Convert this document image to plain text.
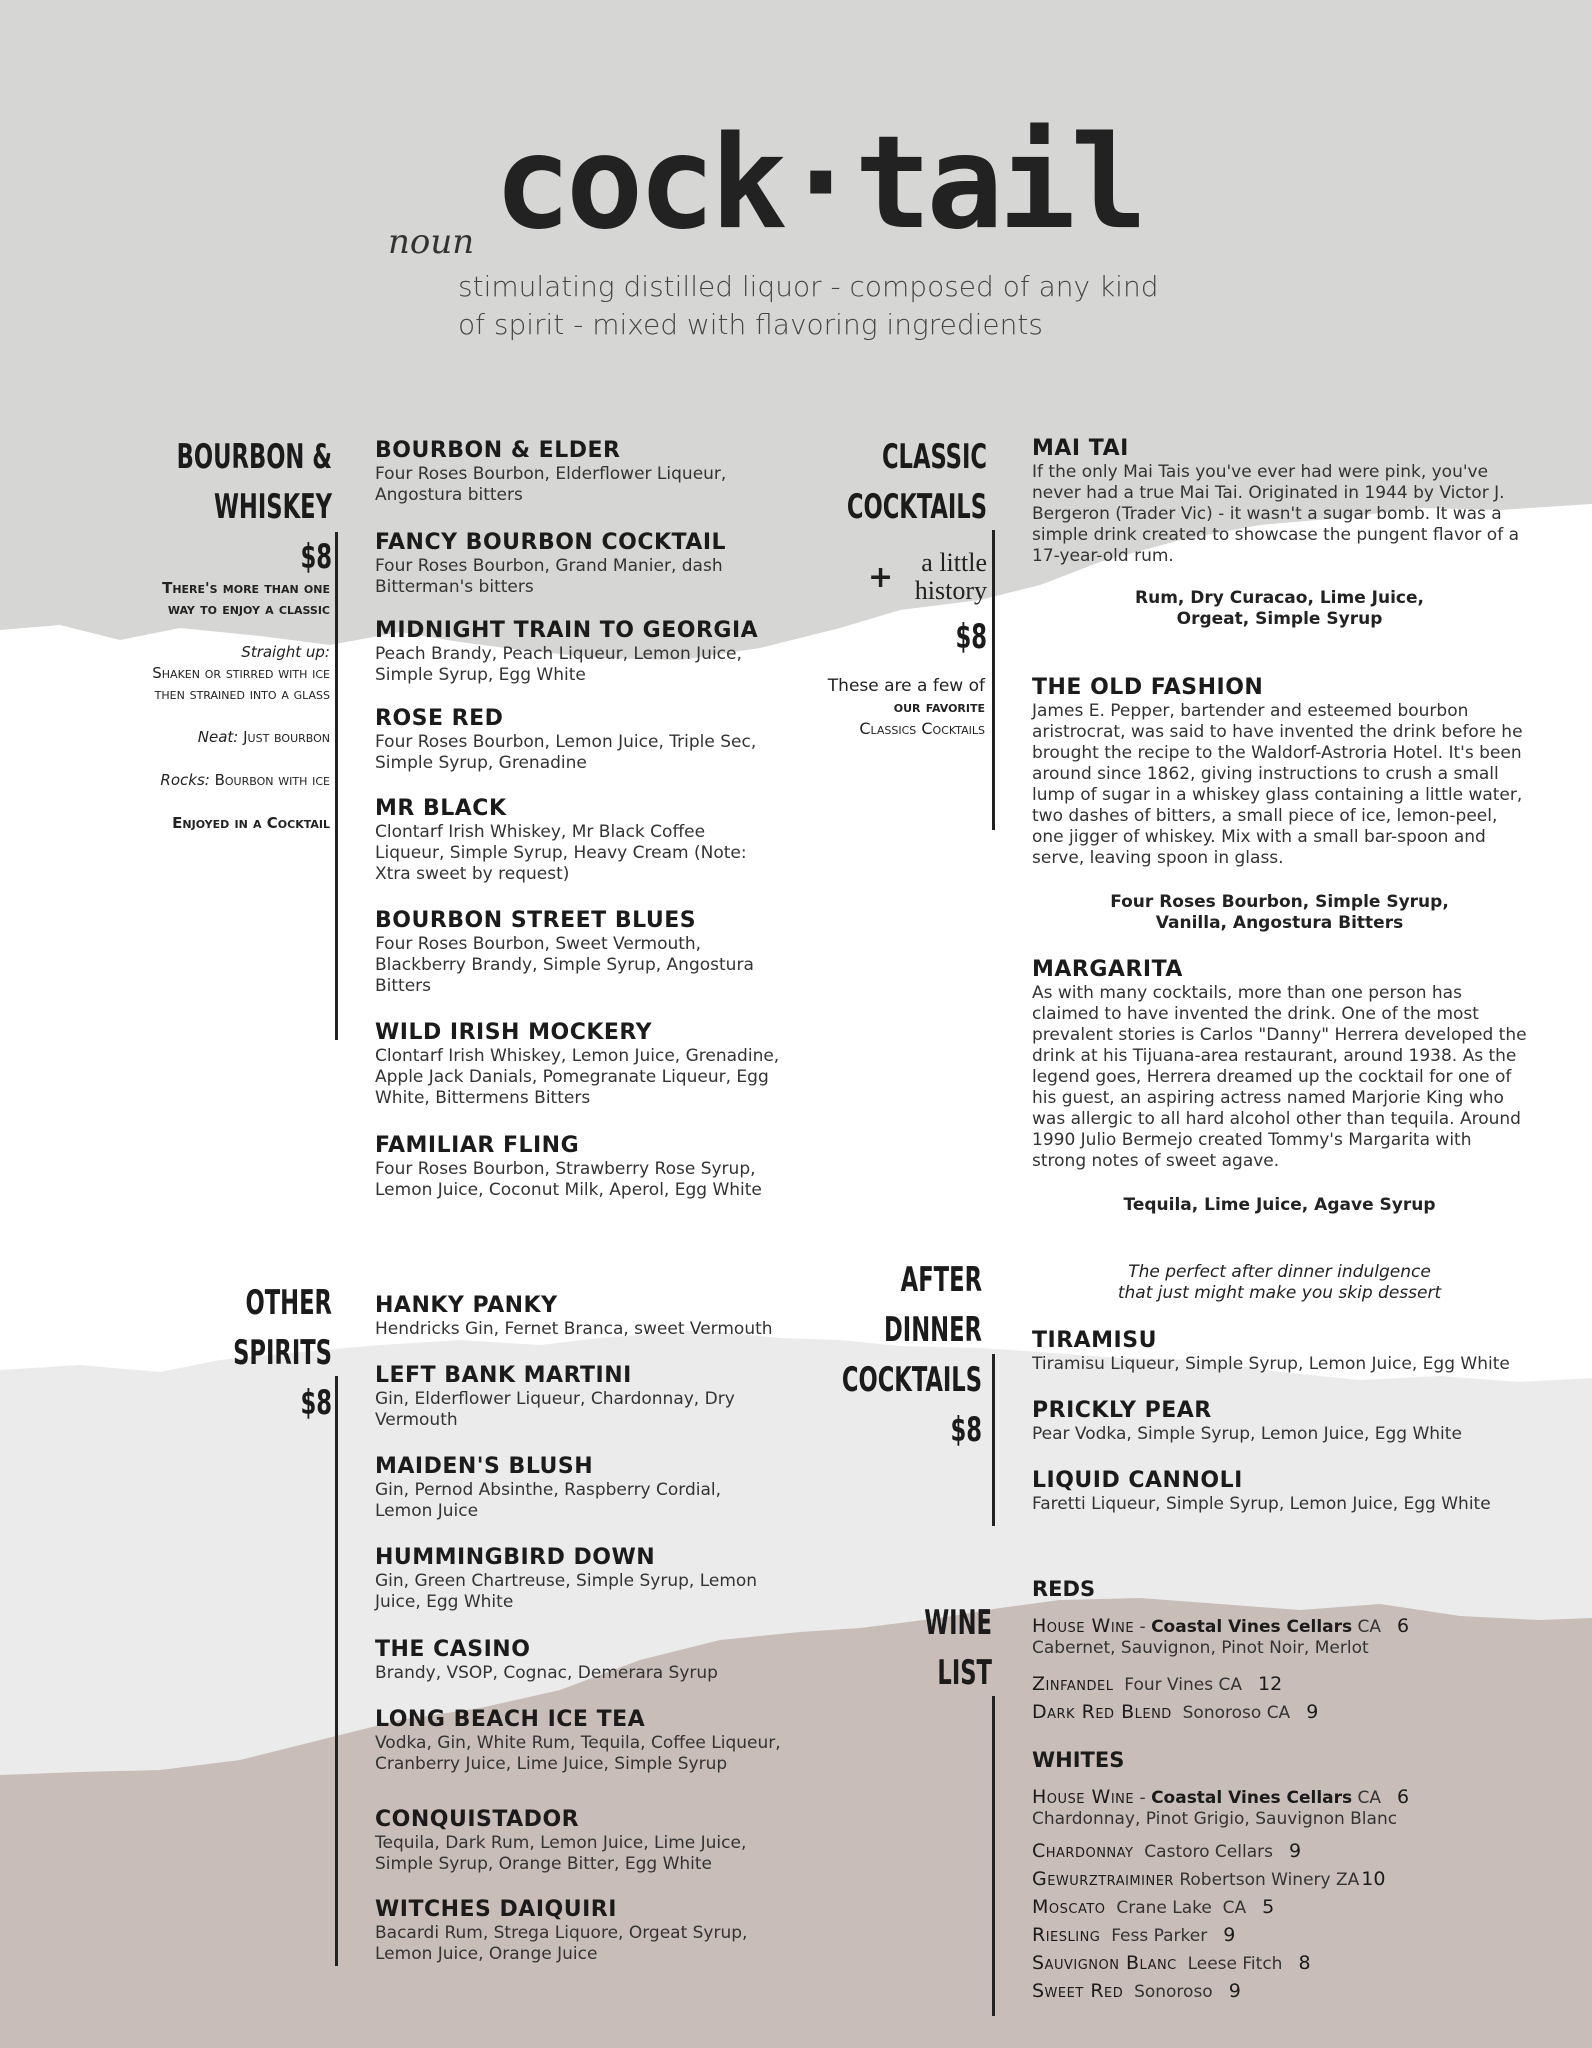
noun cock·tail
stimulating distilled liquor - composed of any kind
of spirit - mixed with flavoring ingredients
BOURBON &
WHISKEY
$8

There's more than one way to enjoy a classic

Straight up:
Shaken or stirred with ice then strained into a glass

Neat: Just bourbon

Rocks: Bourbon with ice

Enjoyed in a Cocktail

BOURBON & ELDER
Four Roses Bourbon, Elderflower Liqueur, Angostura bitters
FANCY BOURBON COCKTAIL
Four Roses Bourbon, Grand Manier, dash Bitterman's bitters
MIDNIGHT TRAIN TO GEORGIA
Peach Brandy, Peach Liqueur, Lemon Juice, Simple Syrup, Egg White
ROSE RED
Four Roses Bourbon, Lemon Juice, Triple Sec, Simple Syrup, Grenadine
MR BLACK
Clontarf Irish Whiskey, Mr Black Coffee Liqueur, Simple Syrup, Heavy Cream (Note: Xtra sweet by request)
BOURBON STREET BLUES
Four Roses Bourbon, Sweet Vermouth, Blackberry Brandy, Simple Syrup, Angostura Bitters
WILD IRISH MOCKERY
Clontarf Irish Whiskey, Lemon Juice, Grenadine, Apple Jack Danials, Pomegranate Liqueur, Egg White, Bittermens Bitters
FAMILIAR FLING
Four Roses Bourbon, Strawberry Rose Syrup, Lemon Juice, Coconut Milk, Aperol, Egg White
CLASSIC
COCKTAILS
+	a little
history
$8
These are a few of
our favorite
Classics Cocktails
MAI TAI
If the only Mai Tais you've ever had were pink, you've never had a true Mai Tai. Originated in 1944 by Victor J. Bergeron (Trader Vic) - it wasn't a sugar bomb. It was a simple drink created to showcase the pungent flavor of a 17-year-old rum.
Rum, Dry Curacao, Lime Juice,
Orgeat, Simple Syrup
THE OLD FASHION
James E. Pepper, bartender and esteemed bourbon aristrocrat, was said to have invented the drink before he brought the recipe to the Waldorf-Astroria Hotel. It's been around since 1862, giving instructions to crush a small lump of sugar in a whiskey glass containing a little water, two dashes of bitters, a small piece of ice, lemon-peel, one jigger of whiskey. Mix with a small bar-spoon and serve, leaving spoon in glass.
Four Roses Bourbon, Simple Syrup,
Vanilla, Angostura Bitters
MARGARITA
As with many cocktails, more than one person has claimed to have invented the drink. One of the most prevalent stories is Carlos "Danny" Herrera developed the drink at his Tijuana-area restaurant, around 1938. As the legend goes, Herrera dreamed up the cocktail for one of his guest, an aspiring actress named Marjorie King who was allergic to all hard alcohol other than tequila. Around 1990 Julio Bermejo created Tommy's Margarita with strong notes of sweet agave.
Tequila, Lime Juice, Agave Syrup
OTHER
SPIRITS
$8
HANKY PANKY
Hendricks Gin, Fernet Branca, sweet Vermouth
LEFT BANK MARTINI
Gin, Elderflower Liqueur, Chardonnay, Dry Vermouth
MAIDEN'S BLUSH
Gin, Pernod Absinthe, Raspberry Cordial, Lemon Juice
HUMMINGBIRD DOWN
Gin, Green Chartreuse, Simple Syrup, Lemon Juice, Egg White
THE CASINO
Brandy, VSOP, Cognac, Demerara Syrup
LONG BEACH ICE TEA
Vodka, Gin, White Rum, Tequila, Coffee Liqueur, Cranberry Juice, Lime Juice, Simple Syrup
CONQUISTADOR
Tequila, Dark Rum, Lemon Juice, Lime Juice, Simple Syrup, Orange Bitter, Egg White
WITCHES DAIQUIRI
Bacardi Rum, Strega Liquore, Orgeat Syrup, Lemon Juice, Orange Juice
AFTER
DINNER
COCKTAILS
$8
The perfect after dinner indulgence
that just might make you skip dessert
TIRAMISU
Tiramisu Liqueur, Simple Syrup, Lemon Juice, Egg White
PRICKLY PEAR
Pear Vodka, Simple Syrup, Lemon Juice, Egg White
LIQUID CANNOLI
Faretti Liqueur, Simple Syrup, Lemon Juice, Egg White
WINE
LIST
REDS
House Wine - Coastal Vines Cellars CA 6
Cabernet, Sauvignon, Pinot Noir, Merlot
Zinfandel Four Vines CA 12
Dark Red Blend Sonoroso CA 9
WHITES
House Wine - Coastal Vines Cellars CA 6
Chardonnay, Pinot Grigio, Sauvignon Blanc
Chardonnay Castoro Cellars 9
Gewurztraiminer Robertson Winery ZA 10
Moscato Crane Lake CA 5
Riesling Fess Parker 9
Sauvignon Blanc Leese Fitch 8
Sweet Red Sonoroso 9
